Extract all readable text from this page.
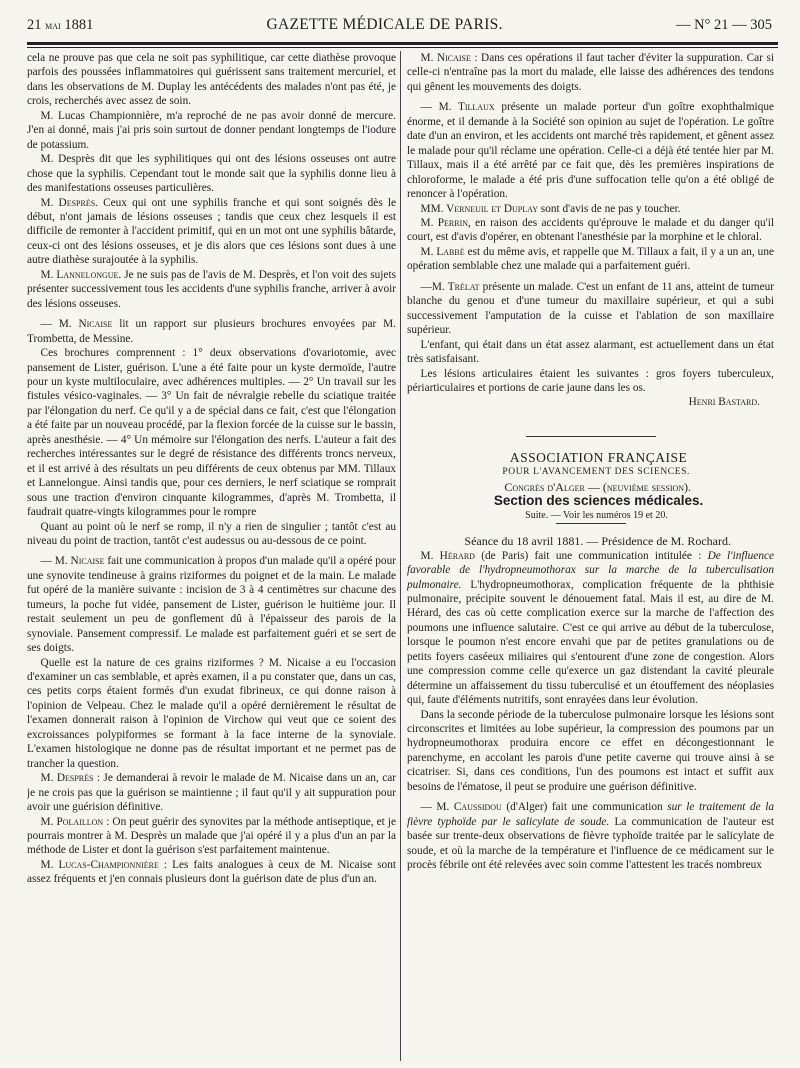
21 mai 1881	GAZETTE MÉDICALE DE PARIS.	— N° 21 — 305

cela ne prouve pas que cela ne soit pas syphilitique, car cette diathèse provoque parfois des poussées inflammatoires qui guérissent sans traitement mercuriel, et dans les observations de M. Duplay les antécédents des malades n'ont pas été, je crois, recherchés avec assez de soin.

M. Lucas Championnière, m'a reproché de ne pas avoir donné de mercure. J'en ai donné, mais j'ai pris soin surtout de donner pendant longtemps de l'iodure de potassium.

M. Desprès dit que les syphilitiques qui ont des lésions osseuses ont autre chose que la syphilis. Cependant tout le monde sait que la syphilis donne lieu à des manifestations osseuses particulières.

M. Desprès. Ceux qui ont une syphilis franche et qui sont soignés dès le début, n'ont jamais de lésions osseuses ; tandis que ceux chez lesquels il est difficile de remonter à l'accident primitif, qui en un mot ont une syphilis bâtarde, ceux-ci ont des lésions osseuses, et je dis alors que ces lésions sont dues à une autre diathèse surajoutée à la syphilis.

M. Lannelongue. Je ne suis pas de l'avis de M. Desprès, et l'on voit des sujets présenter successivement tous les accidents d'une syphilis franche, arriver à avoir des lésions osseuses.

— M. Nicaise lit un rapport sur plusieurs brochures envoyées par M. Trombetta, de Messine.

Ces brochures comprennent : 1° deux observations d'ovariotomie, avec pansement de Lister, guérison. L'une a été faite pour un kyste dermoïde, l'autre pour un kyste multiloculaire, avec adhérences multiples. — 2° Un travail sur les fistules vésico-vaginales. — 3° Un fait de névralgie rebelle du sciatique traitée par l'élongation du nerf. Ce qu'il y a de spécial dans ce fait, c'est que l'élongation a été faite par un nouveau procédé, par la flexion forcée de la cuisse sur le bassin, après anesthésie. — 4° Un mémoire sur l'élongation des nerfs. L'auteur a fait des recherches intéressantes sur le degré de résistance des différents troncs nerveux, et il est arrivé à des résultats un peu différents de ceux obtenus par MM. Tillaux et Lannelongue. Ainsi tandis que, pour ces derniers, le nerf sciatique se romprait sous une traction d'environ cinquante kilogrammes, d'après M. Trombetta, il faudrait quatre-vingts kilogrammes pour le rompre

Quant au point où le nerf se romp, il n'y a rien de singulier ; tantôt c'est au niveau du point de traction, tantôt c'est audessus ou au-dessous de ce point.

— M. Nicaise fait une communication à propos d'un malade qu'il a opéré pour une synovite tendineuse à grains riziformes du poignet et de la main. Le malade fut opéré de la manière suivante : incision de 3 à 4 centimètres sur chacune des tumeurs, la poche fut vidée, pansement de Lister, guérison le huitième jour. Il restait seulement un peu de gonflement dû à l'épaisseur des parois de la synoviale. Pansement compressif. Le malade est parfaitement guéri et se sert de ses doigts.

Quelle est la nature de ces grains riziformes ? M. Nicaise a eu l'occasion d'examiner un cas semblable, et après examen, il a pu constater que, dans un cas, ces petits corps étaient formés d'un exudat fibrineux, ce qui donne raison à l'opinion de Velpeau. Chez le malade qu'il a opéré dernièrement le résultat de l'examen donnerait raison à l'opinion de Virchow qui veut que ce soient des excroissances polypiformes se formant à la face interne de la synoviale. L'examen histologique ne donne pas de résultat important et ne permet pas de trancher la question.

M. Desprès : Je demanderai à revoir le malade de M. Nicaise dans un an, car je ne crois pas que la guérison se maintienne ; il faut qu'il y ait suppuration pour avoir une guérision définitive.

M. Polaillon : On peut guérir des synovites par la méthode antiseptique, et je pourrais montrer à M. Desprès un malade que j'ai opéré il y a plus d'un an par la méthode de Lister et dont la guérison s'est parfaitement maintenue.

M. Lucas-Championnière : Les faits analogues à ceux de M. Nicaise sont assez fréquents et j'en connais plusieurs dont la guérison date de plus d'un an.

M. Nicaise : Dans ces opérations il faut tacher d'éviter la suppuration. Car si celle-ci n'entraîne pas la mort du malade, elle laisse des adhérences des tendons qui gênent les mouvements des doigts.

— M. Tillaux présente un malade porteur d'un goître exophthalmique énorme, et il demande à la Société son opinion au sujet de l'opération. Le goître date d'un an environ, et les accidents ont marché très rapidement, et gênent assez le malade pour qu'il réclame une opération. Celle-ci a déjà été tentée hier par M. Tillaux, mais il a été arrêté par ce fait que, dès les premières inspirations de chloroforme, le malade a été pris d'une suffocation telle qu'on a été obligé de renoncer à l'opération.

MM. Verneuil et Duplay sont d'avis de ne pas y toucher.

M. Perrin, en raison des accidents qu'éprouve le malade et du danger qu'il court, est d'avis d'opérer, en obtenant l'anesthésie par la morphine et le chloral.

M. Labbé est du même avis, et rappelle que M. Tillaux a fait, il y a un an, une opération semblable chez une malade qui a parfaitement guéri.

—M. Trélat présente un malade. C'est un enfant de 11 ans, atteint de tumeur blanche du genou et d'une tumeur du maxillaire supérieur, et qui a subi successivement l'amputation de la cuisse et l'ablation de son maxillaire supérieur.

L'enfant, qui était dans un état assez alarmant, est actuellement dans un état très satisfaisant.

Les lésions articulaires étaient les suivantes : gros foyers tuberculeux, périarticulaires et portions de carie jaune dans les os.

Henri Bastard.

ASSOCIATION FRANÇAISE

POUR L'AVANCEMENT DES SCIENCES.

Congrès d'Alger — (neuvième session).

Section des sciences médicales.

Suite. — Voir les numéros 19 et 20.

Séance du 18 avril 1881. — Présidence de M. Rochard.

M. Hérard (de Paris) fait une communication intitulée : De l'influence favorable de l'hydropneumothorax sur la marche de la tuberculisation pulmonaire. L'hydropneumothorax, complication fréquente de la phthisie pulmonaire, précipite souvent le dénouement fatal. Mais il est, au dire de M. Hérard, des cas où cette complication exerce sur la marche de l'affection des poumons une influence salutaire. C'est ce qui arrive au début de la tuberculose, lorsque le poumon n'est encore envahi que par de petites granulations ou de petits foyers caséeux miliaires qui s'entourent d'une zone de congestion. Alors une compression comme celle qu'exerce un gaz distendant la cavité pleurale détermine un affaissement du tissu tuberculisé et un étouffement des néoplasies qui, faute d'éléments nutritifs, sont enrayées dans leur évolution.

Dans la seconde période de la tuberculose pulmonaire lorsque les lésions sont circonscrites et limitées au lobe supérieur, la compression des poumons par un hydropneumothorax produira encore ce effet en décongestionnant le parenchyme, en accolant les parois d'une petite caverne qui trouve ainsi à se cicatriser. Si, dans ces conditions, l'un des poumons est intact et suffit aux besoins de l'ématose, il peut se produire une guérison définitive.

— M. Caussidou (d'Alger) fait une communication sur le traitement de la fièvre typhoïde par le salicylate de soude. La communication de l'auteur est basée sur trente-deux observations de fièvre typhoïde traitée par le salicylate de soude, et où la marche de la température et l'influence de ce médicament sur le procès fébrile ont été relevées avec soin comme l'attestent les tracés nombreux
